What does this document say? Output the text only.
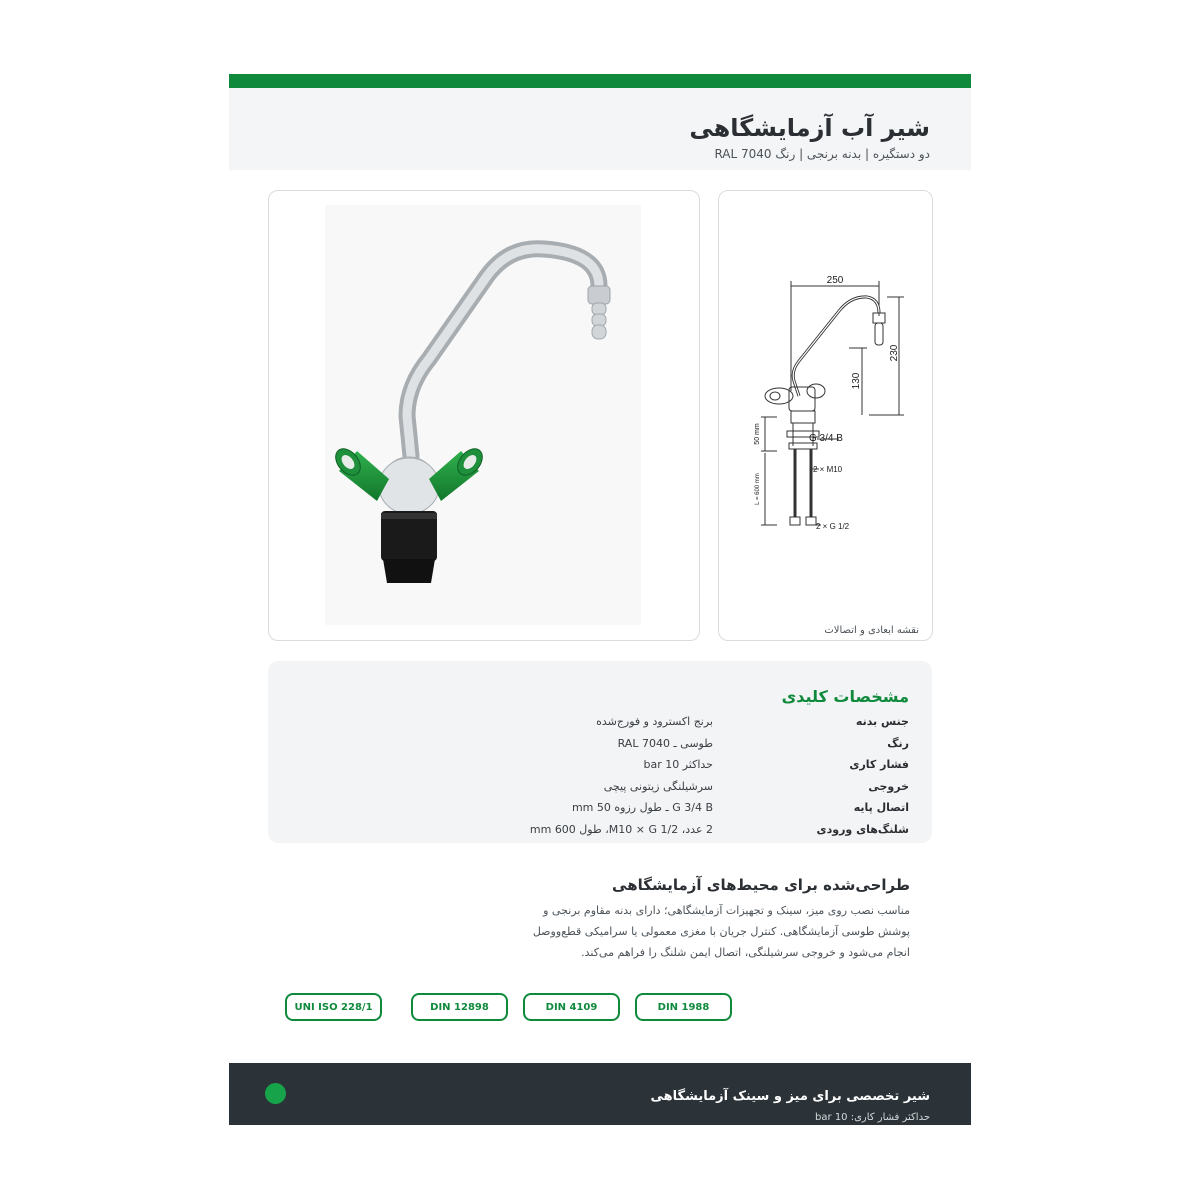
شیر آب آزمایشگاهی
دو دستگیره | بدنه برنجی | رنگ RAL 7040
250
230
130
50 mm
L = 600 mm
G 3/4 B
2 × M10
2 × G 1/2
نقشه ابعادی و اتصالات
مشخصات کلیدی
جنس بدنه
برنج اکسترود و فورج‌شده
رنگ
طوسی ـ RAL 7040
فشار کاری
حداکثر 10 bar
خروجی
سرشیلنگی زیتونی پیچی
اتصال پایه
G 3/4 B ـ طول رزوه 50 mm
شلنگ‌های ورودی
2 عدد، M10 × G 1/2، طول 600 mm
طراحی‌شده برای محیط‌های آزمایشگاهی
مناسب نصب روی میز، سینک و تجهیزات آزمایشگاهی؛ دارای بدنه مقاوم برنجی و
پوشش طوسی آزمایشگاهی. کنترل جریان با مغزی معمولی یا سرامیکی قطع‌ووصل
انجام می‌شود و خروجی سرشیلنگی، اتصال ایمن شلنگ را فراهم می‌کند.
DIN 1988
DIN 4109
DIN 12898
UNI ISO 228/1
شیر تخصصی برای میز و سینک آزمایشگاهی
حداکثر فشار کاری: 10 bar
